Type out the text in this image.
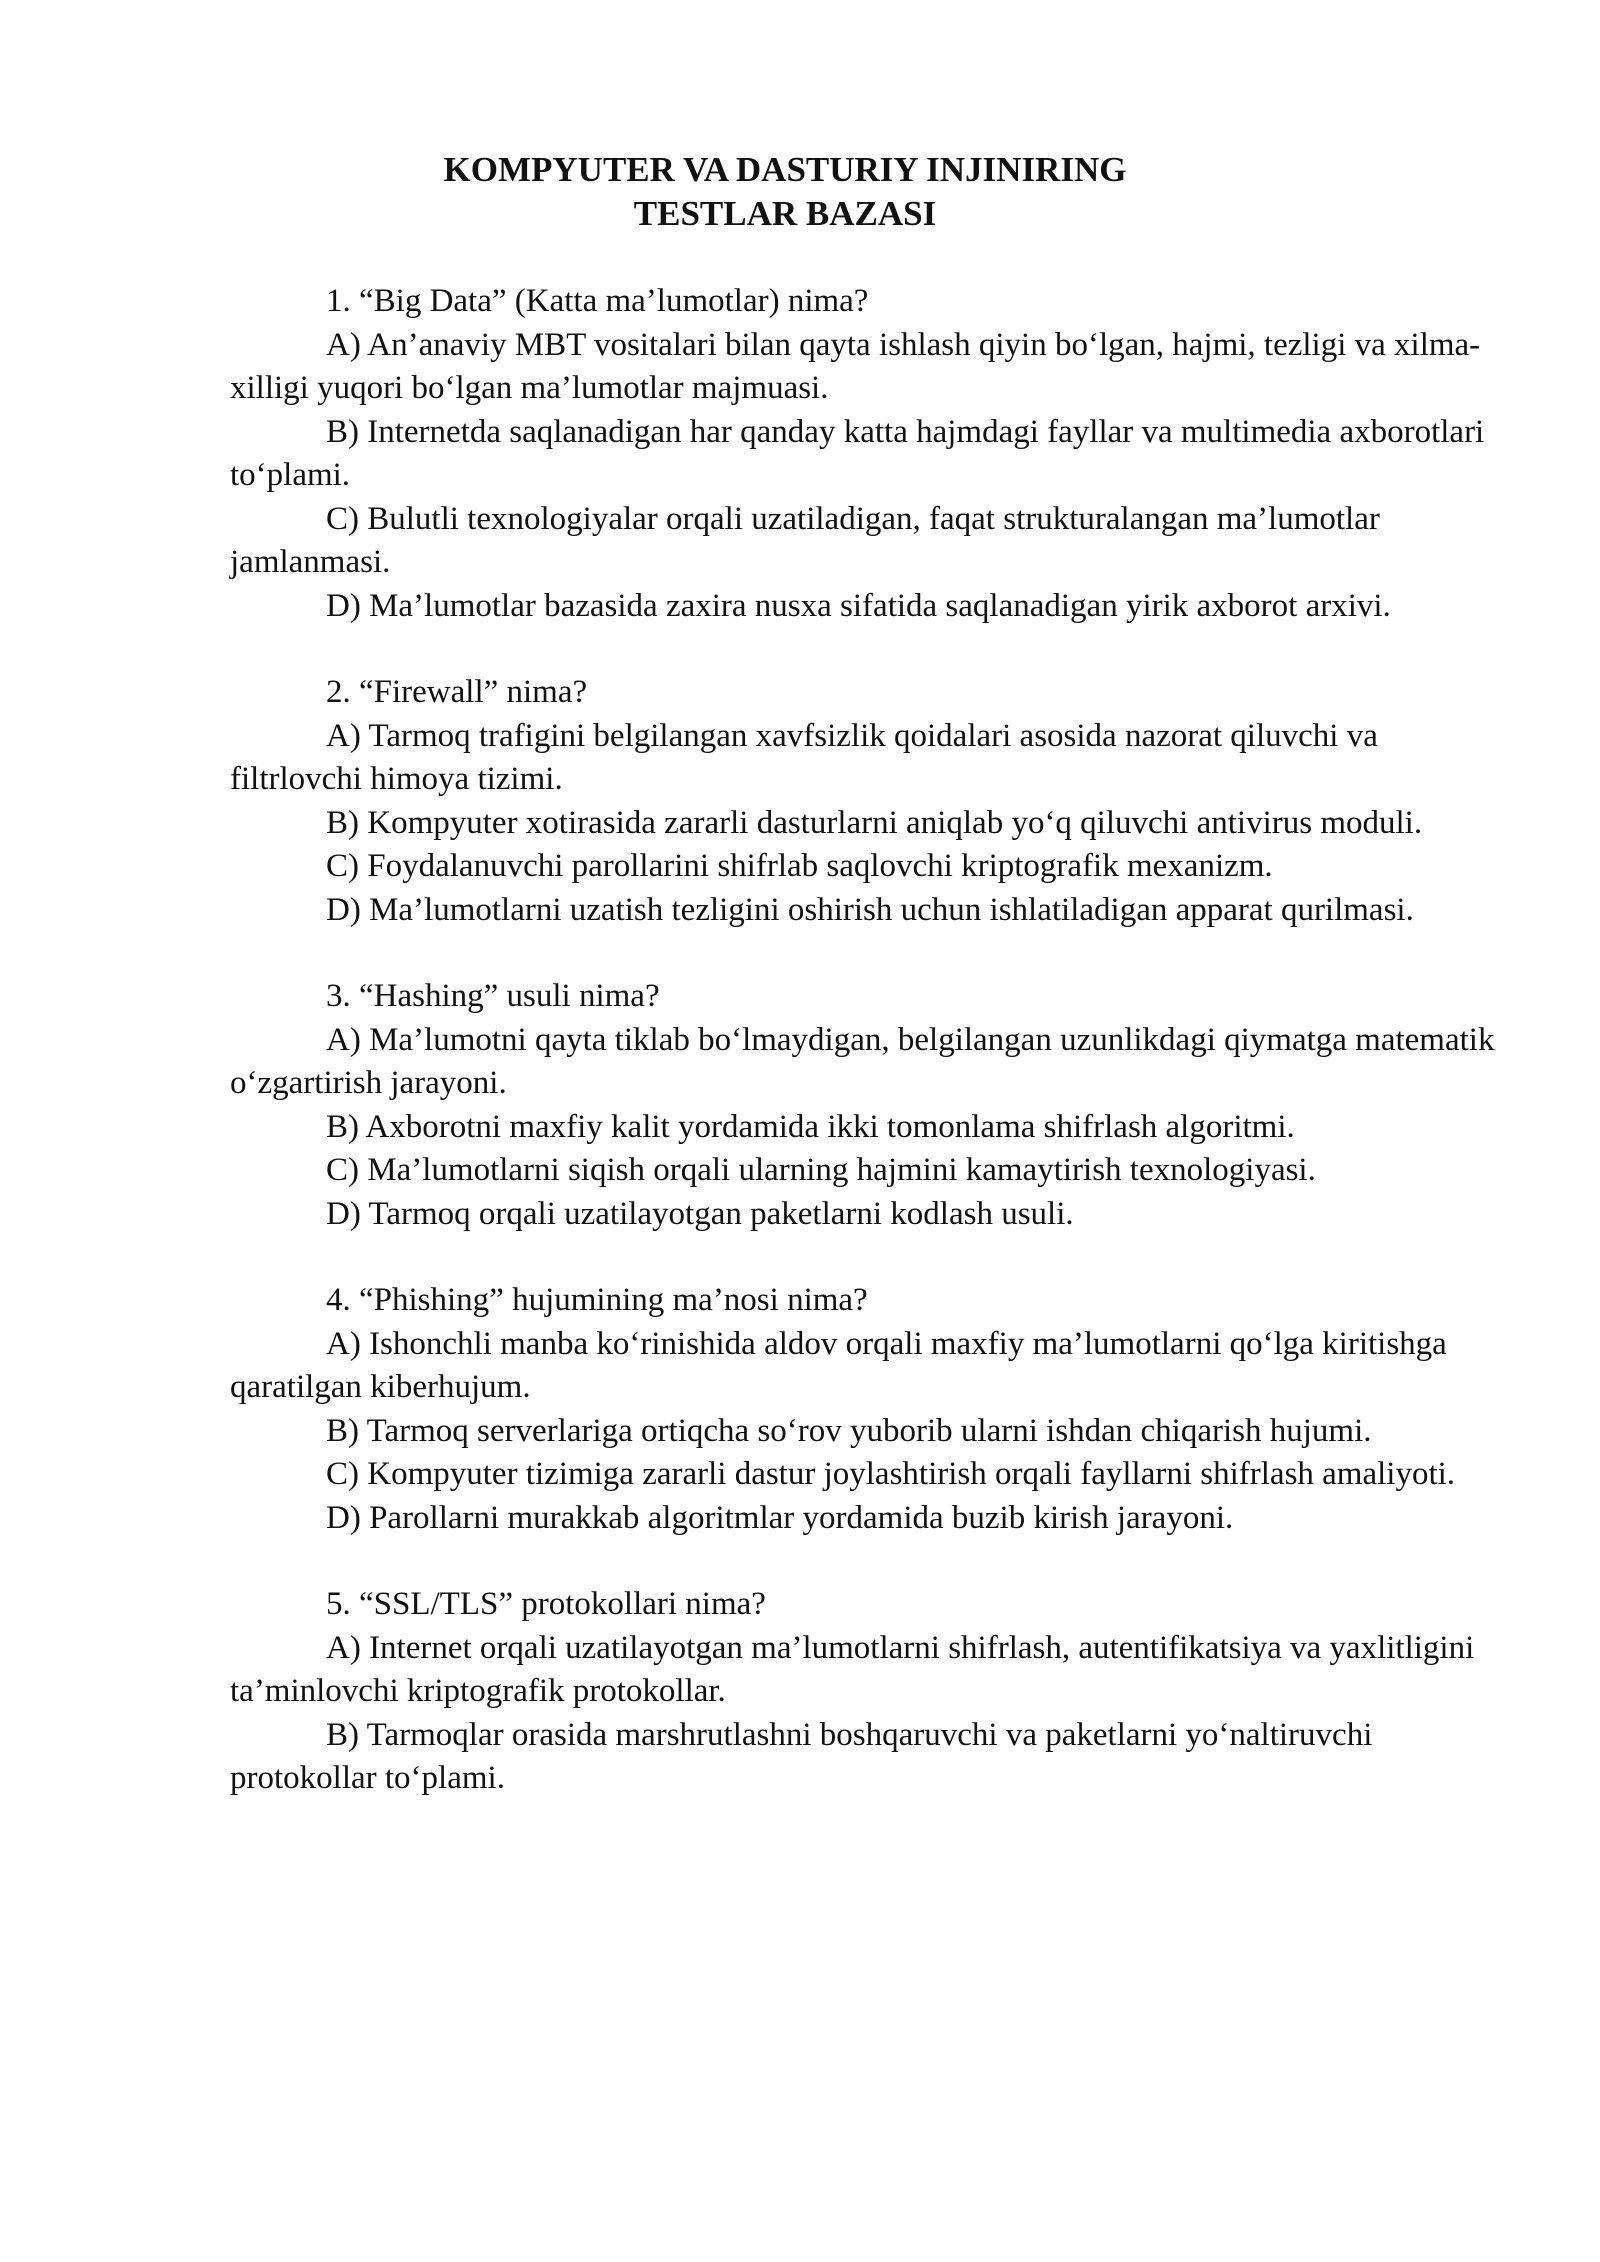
KOMPYUTER VA DASTURIY INJINIRING

TESTLAR BAZASI

1. “Big Data” (Katta ma’lumotlar) nima?

A) An’anaviy MBT vositalari bilan qayta ishlash qiyin bo‘lgan, hajmi, tezligi va xilma-xilligi yuqori bo‘lgan ma’lumotlar majmuasi.

B) Internetda saqlanadigan har qanday katta hajmdagi fayllar va multimedia axborotlari to‘plami.

C) Bulutli texnologiyalar orqali uzatiladigan, faqat strukturalangan ma’lumotlar jamlanmasi.

D) Ma’lumotlar bazasida zaxira nusxa sifatida saqlanadigan yirik axborot arxivi.

2. “Firewall” nima?

A) Tarmoq trafigini belgilangan xavfsizlik qoidalari asosida nazorat qiluvchi va filtrlovchi himoya tizimi.

B) Kompyuter xotirasida zararli dasturlarni aniqlab yo‘q qiluvchi antivirus moduli.

C) Foydalanuvchi parollarini shifrlab saqlovchi kriptografik mexanizm.

D) Ma’lumotlarni uzatish tezligini oshirish uchun ishlatiladigan apparat qurilmasi.

3. “Hashing” usuli nima?

A) Ma’lumotni qayta tiklab bo‘lmaydigan, belgilangan uzunlikdagi qiymatga matematik o‘zgartirish jarayoni.

B) Axborotni maxfiy kalit yordamida ikki tomonlama shifrlash algoritmi.

C) Ma’lumotlarni siqish orqali ularning hajmini kamaytirish texnologiyasi.

D) Tarmoq orqali uzatilayotgan paketlarni kodlash usuli.

4. “Phishing” hujumining ma’nosi nima?

A) Ishonchli manba ko‘rinishida aldov orqali maxfiy ma’lumotlarni qo‘lga kiritishga qaratilgan kiberhujum.

B) Tarmoq serverlariga ortiqcha so‘rov yuborib ularni ishdan chiqarish hujumi.

C) Kompyuter tizimiga zararli dastur joylashtirish orqali fayllarni shifrlash amaliyoti.

D) Parollarni murakkab algoritmlar yordamida buzib kirish jarayoni.

5. “SSL/TLS” protokollari nima?

A) Internet orqali uzatilayotgan ma’lumotlarni shifrlash, autentifikatsiya va yaxlitligini ta’minlovchi kriptografik protokollar.

B) Tarmoqlar orasida marshrutlashni boshqaruvchi va paketlarni yo‘naltiruvchi protokollar to‘plami.
